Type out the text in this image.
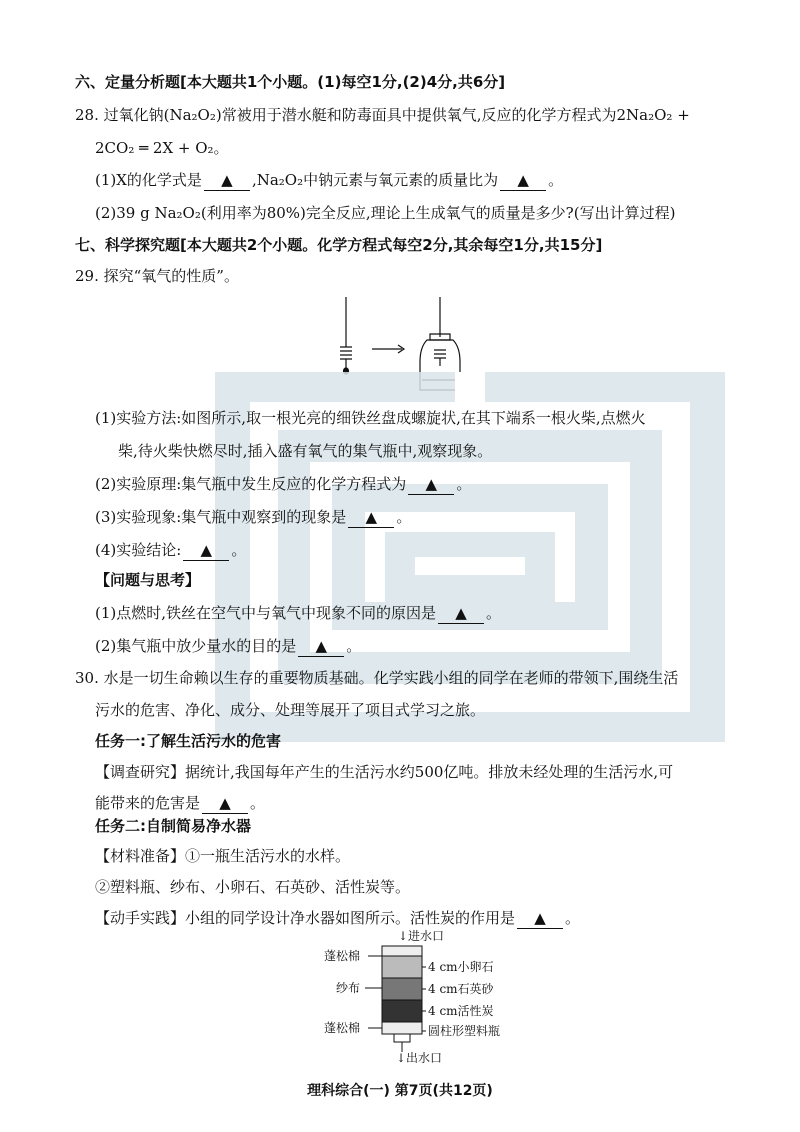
六、定量分析题[本大题共1个小题。(1)每空1分,(2)4分,共6分]
28. 过氧化钠(Na₂O₂)常被用于潜水艇和防毒面具中提供氧气,反应的化学方程式为2Na₂O₂ +
2CO₂ ═ 2X + O₂。
(1)X的化学式是 ▲ ,Na₂O₂中钠元素与氧元素的质量比为 ▲ 。
(2)39 g Na₂O₂(利用率为80%)完全反应,理论上生成氧气的质量是多少?(写出计算过程)
七、科学探究题[本大题共2个小题。化学方程式每空2分,其余每空1分,共15分]
29. 探究“氧气的性质”。
(1)实验方法:如图所示,取一根光亮的细铁丝盘成螺旋状,在其下端系一根火柴,点燃火
柴,待火柴快燃尽时,插入盛有氧气的集气瓶中,观察现象。
(2)实验原理:集气瓶中发生反应的化学方程式为 ▲ 。
(3)实验现象:集气瓶中观察到的现象是 ▲ 。
(4)实验结论: ▲ 。
【问题与思考】
(1)点燃时,铁丝在空气中与氧气中现象不同的原因是 ▲ 。
(2)集气瓶中放少量水的目的是 ▲ 。
30. 水是一切生命赖以生存的重要物质基础。化学实践小组的同学在老师的带领下,围绕生活
污水的危害、净化、成分、处理等展开了项目式学习之旅。
任务一:了解生活污水的危害
【调查研究】据统计,我国每年产生的生活污水约500亿吨。排放未经处理的生活污水,可
能带来的危害是 ▲ 。
任务二:自制简易净水器
【材料准备】①一瓶生活污水的水样。
②塑料瓶、纱布、小卵石、石英砂、活性炭等。
【动手实践】小组的同学设计净水器如图所示。活性炭的作用是 ▲ 。
↓进水口
蓬松棉
纱布
蓬松棉
4 cm小卵石
4 cm石英砂
4 cm活性炭
圆柱形塑料瓶
↓出水口
理科综合(一) 第7页(共12页)
